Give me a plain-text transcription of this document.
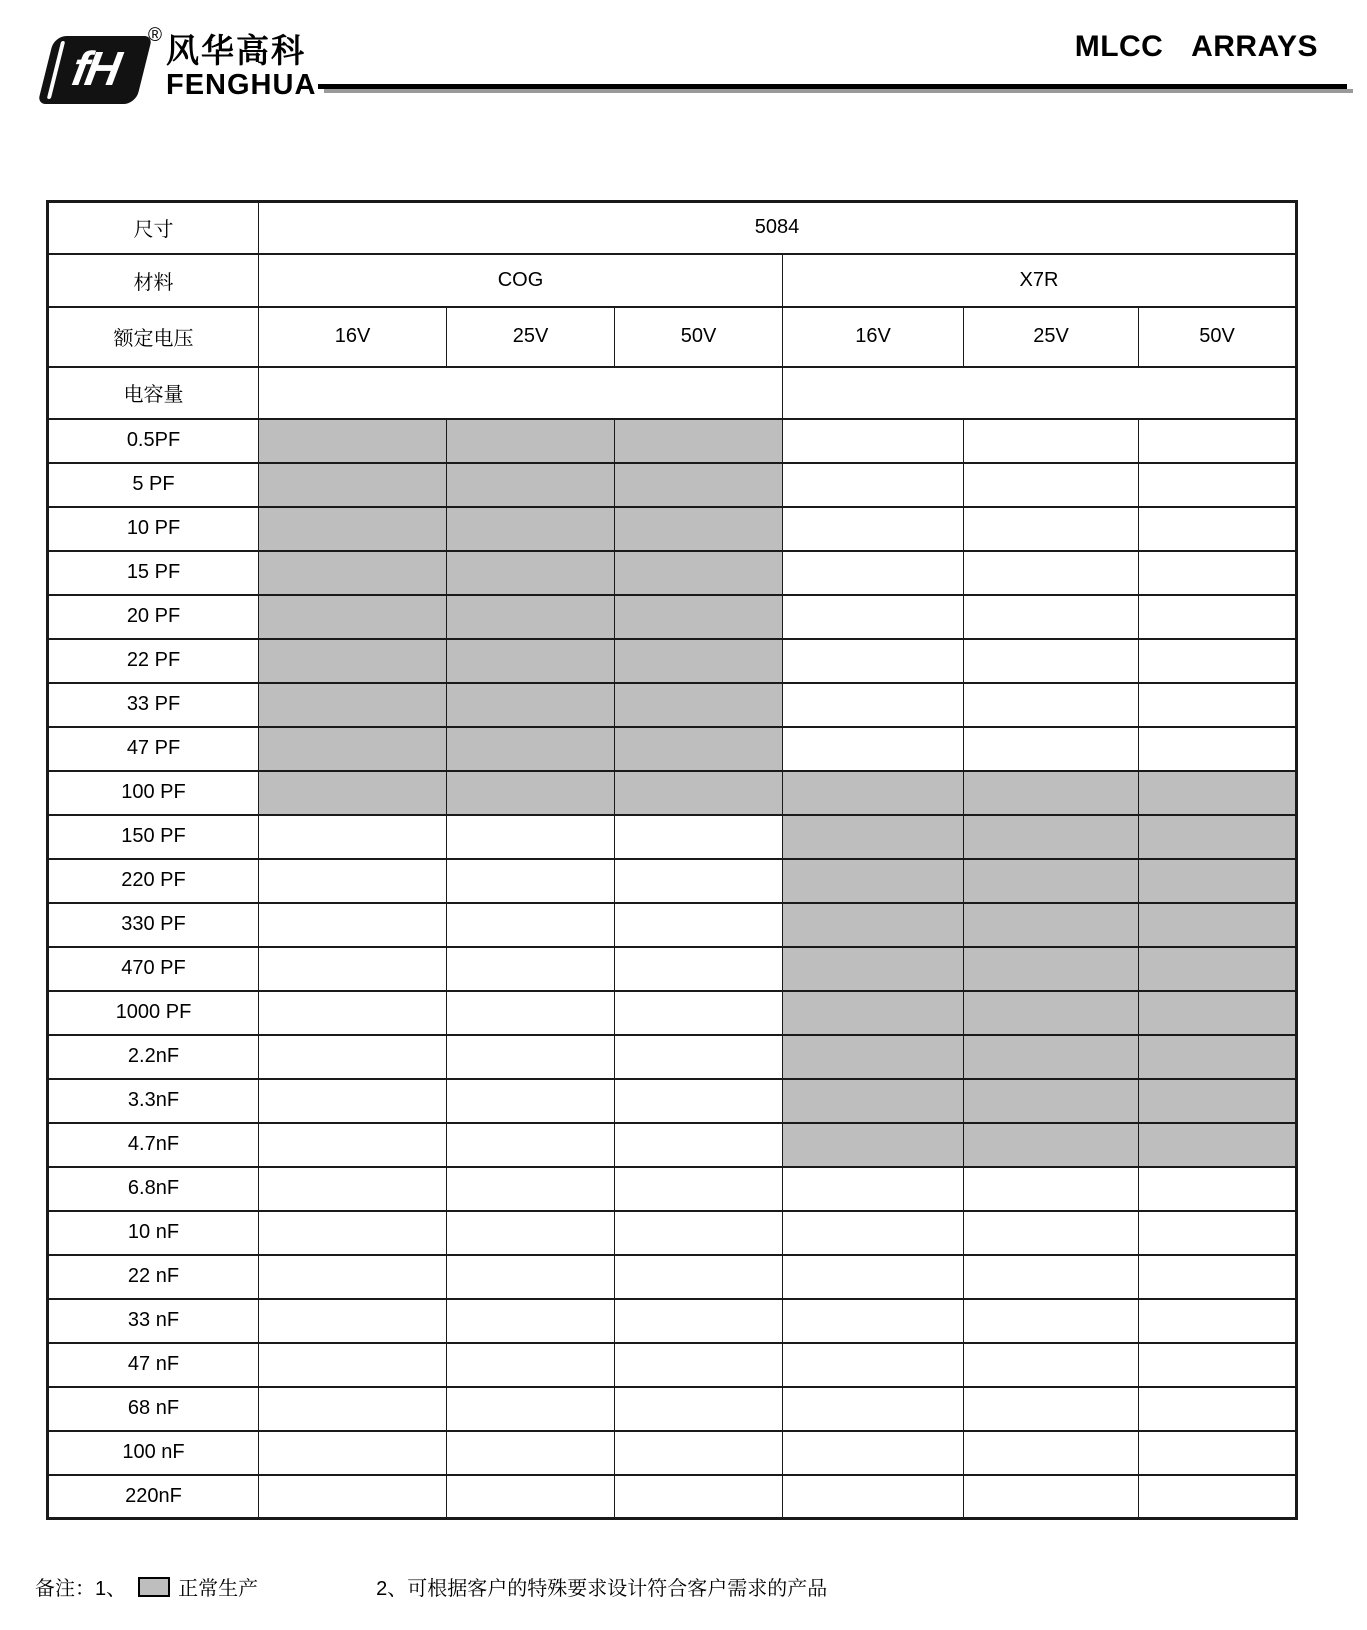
fH
® 风华高科
FENGHUA
MLCC ARRAYS
尺寸	5084					
材料	COG			X7R		
额定电压	16V	25V	50V	16V	25V	50V
电容量						
0.5PF						
5 PF						
10 PF						
15 PF						
20 PF						
22 PF						
33 PF						
47 PF						
100 PF						
150 PF						
220 PF						
330 PF						
470 PF						
1000 PF						
2.2nF						
3.3nF						
4.7nF						
6.8nF						
10 nF						
22 nF						
33 nF						
47 nF						
68 nF						
100 nF						
220nF						
备注：1、	正常生产	2、可根据客户的特殊要求设计符合客户需求的产品
